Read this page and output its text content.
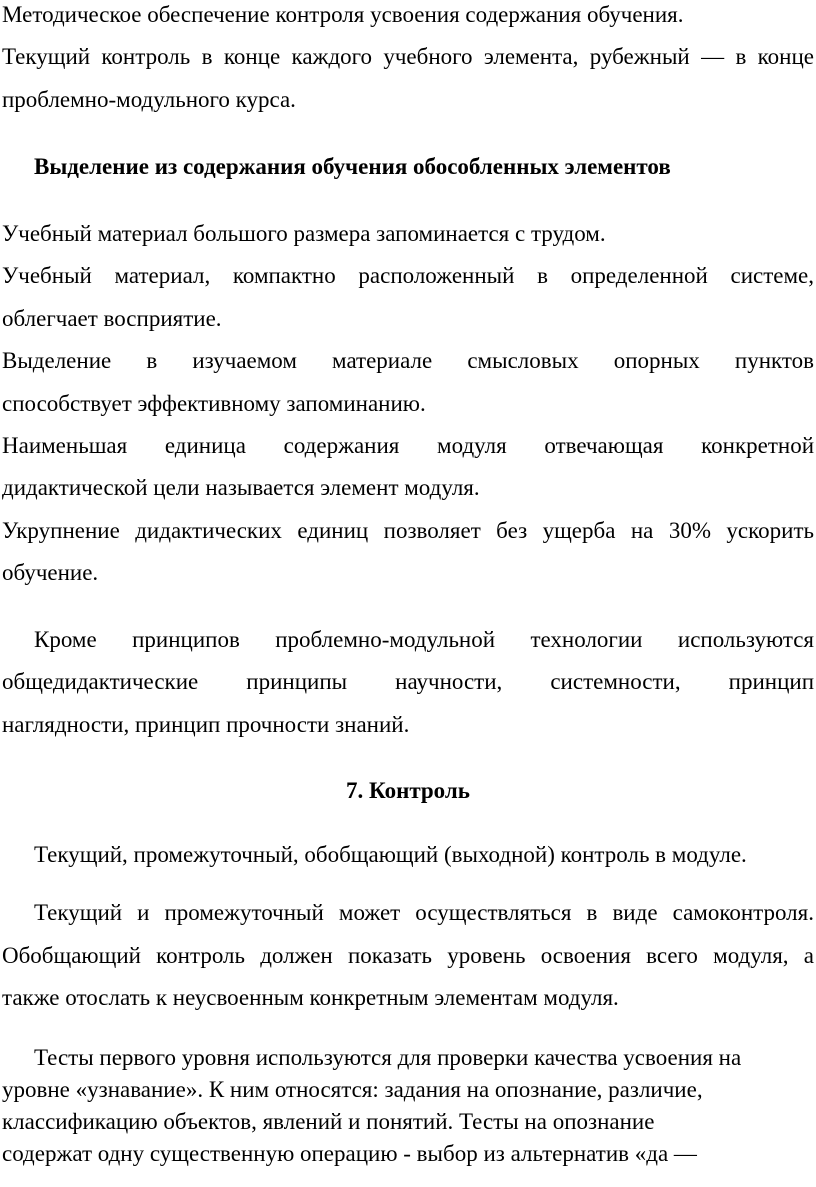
Методическое обеспечение контроля усвоения содержания обучения.
Текущий контроль в конце каждого учебного элемента, рубежный — в конце
проблемно-модульного курса.
Выделение из содержания обучения обособленных элементов
Учебный материал большого размера запоминается с трудом.
Учебный материал, компактно расположенный в определенной системе,
облегчает восприятие.
Выделение в изучаемом материале смысловых опорных пунктов
способствует эффективному запоминанию.
Наименьшая единица содержания модуля отвечающая конкретной
дидактической цели называется элемент модуля.
Укрупнение дидактических единиц позволяет без ущерба на 30% ускорить
обучение.
Кроме принципов проблемно-модульной технологии используются
общедидактические принципы научности, системности, принцип
наглядности, принцип прочности знаний.
7. Контроль
Текущий, промежуточный, обобщающий (выходной) контроль в модуле.
Текущий и промежуточный может осуществляться в виде самоконтроля.
Обобщающий контроль должен показать уровень освоения всего модуля, а
также отослать к неусвоенным конкретным элементам модуля.
Тесты первого уровня используются для проверки качества усвоения на
уровне «узнавание». К ним относятся: задания на опознание, различие,
классификацию объектов, явлений и понятий. Тесты на опознание
содержат одну существенную операцию - выбор из альтернатив «да —
